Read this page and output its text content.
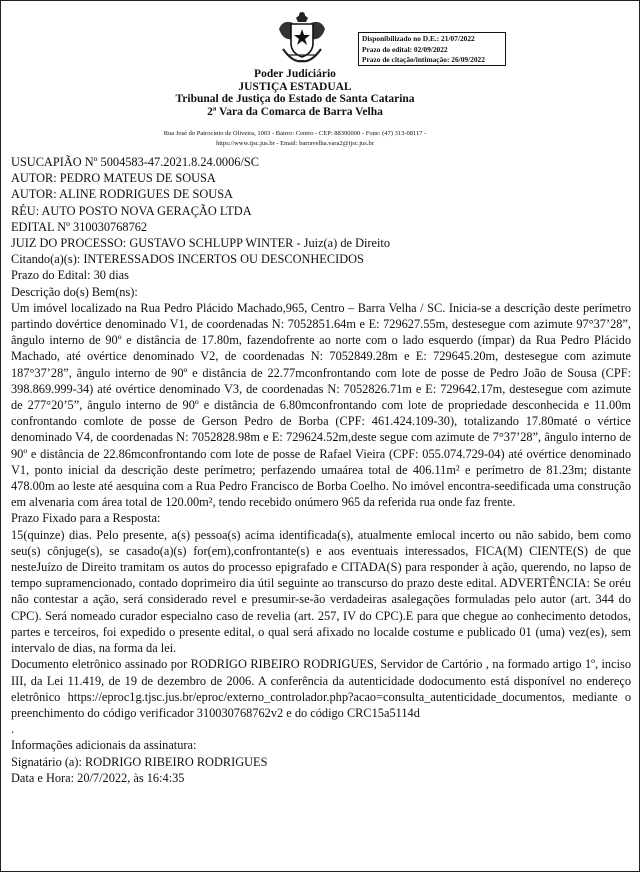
Disponibilizado no D.E.: 21/07/2022
Prazo do edital: 02/09/2022
Prazo de citação/intimação: 26/09/2022
Poder Judiciário
JUSTIÇA ESTADUAL
Tribunal de Justiça do Estado de Santa Catarina
2ª Vara da Comarca de Barra Velha
Rua José do Patrocínio de Oliveira, 1003 - Bairro: Centro - CEP: 88390000 - Fone: (47) 313-08117 -
https://www.tjsc.jus.br - Email: barravelha.vara2@tjsc.jus.br

USUCAPIÃO Nº 5004583-47.2021.8.24.0006/SC

AUTOR: PEDRO MATEUS DE SOUSA

AUTOR: ALINE RODRIGUES DE SOUSA

RÉU: AUTO POSTO NOVA GERAÇÃO LTDA

EDITAL Nº 310030768762

JUIZ DO PROCESSO: GUSTAVO SCHLUPP WINTER - Juiz(a) de Direito

Citando(a)(s): INTERESSADOS INCERTOS OU DESCONHECIDOS

Prazo do Edital: 30 dias

Descrição do(s) Bem(ns):

Um imóvel localizado na Rua Pedro Plácido Machado,965, Centro – Barra Velha / SC. Inicia-se a descrição deste perímetro partindo dovértice denominado V1, de coordenadas N: 7052851.64m e E: 729627.55m, destesegue com azimute 97°37’28”, ângulo interno de 90º e distância de 17.80m, fazendofrente ao norte com o lado esquerdo (ímpar) da Rua Pedro Plácido Machado, até ovértice denominado V2, de coordenadas N: 7052849.28m e E: 729645.20m, destesegue com azimute 187°37’28”, ângulo interno de 90º e distância de 22.77mconfrontando com lote de posse de Pedro João de Sousa (CPF: 398.869.999-34) até ovértice denominado V3, de coordenadas N: 7052826.71m e E: 729642.17m, destesegue com azimute de 277°20’5”, ângulo interno de 90º e distância de 6.80mconfrontando com lote de propriedade desconhecida e 11.00m confrontando comlote de posse de Gerson Pedro de Borba (CPF: 461.424.109-30), totalizando 17.80maté o vértice denominado V4, de coordenadas N: 7052828.98m e E: 729624.52m,deste segue com azimute de 7°37’28”, ângulo interno de 90º e distância de 22.86mconfrontando com lote de posse de Rafael Vieira (CPF: 055.074.729-04) até ovértice denominado V1, ponto inicial da descrição deste perímetro; perfazendo umaárea total de 406.11m² e perímetro de 81.23m; distante 478.00m ao leste até aesquina com a Rua Pedro Francisco de Borba Coelho. No imóvel encontra-seedificada uma construção em alvenaria com área total de 120.00m², tendo recebido onúmero 965 da referida rua onde faz frente.

Prazo Fixado para a Resposta:

15(quinze) dias. Pelo presente, a(s) pessoa(s) acima identificada(s), atualmente emlocal incerto ou não sabido, bem como seu(s) cônjuge(s), se casado(a)(s) for(em),confrontante(s) e aos eventuais interessados, FICA(M) CIENTE(S) de que nesteJuízo de Direito tramitam os autos do processo epigrafado e CITADA(S) para responder à ação, querendo, no lapso de tempo supramencionado, contado doprimeiro dia útil seguinte ao transcurso do prazo deste edital. ADVERTÊNCIA: Se oréu não contestar a ação, será considerado revel e presumir-se-ão verdadeiras asalegações formuladas pelo autor (art. 344 do CPC). Será nomeado curador especialno caso de revelia (art. 257, IV do CPC).E para que chegue ao conhecimento detodos, partes e terceiros, foi expedido o presente edital, o qual será afixado no localde costume e publicado 01 (uma) vez(es), sem intervalo de dias, na forma da lei.

Documento eletrônico assinado por RODRIGO RIBEIRO RODRIGUES, Servidor de Cartório , na formado artigo 1º, inciso III, da Lei 11.419, de 19 de dezembro de 2006. A conferência da autenticidade dodocumento está disponível no endereço eletrônico https://eproc1g.tjsc.jus.br/eproc/externo_controlador.php?acao=consulta_autenticidade_documentos, mediante o preenchimento do código verificador 310030768762v2 e do código CRC15a5114d

.

Informações adicionais da assinatura:

Signatário (a): RODRIGO RIBEIRO RODRIGUES

Data e Hora: 20/7/2022, às 16:4:35
